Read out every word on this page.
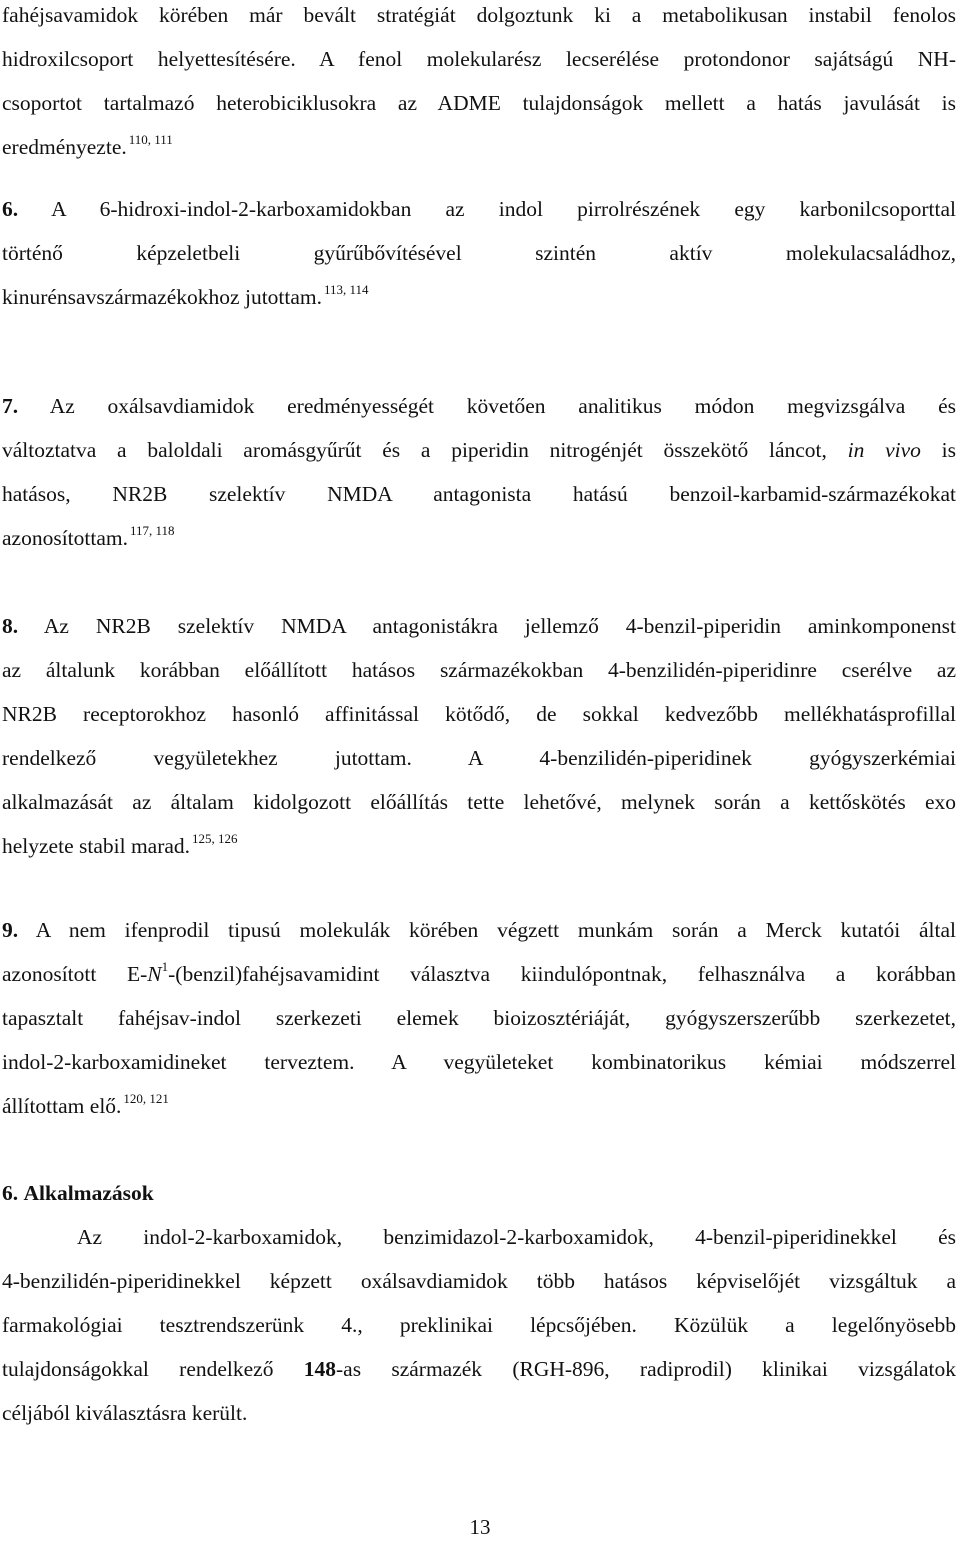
fahéjsavamidok körében már bevált stratégiát dolgoztunk ki a metabolikusan instabil fenolos
hidroxilcsoport helyettesítésére. A fenol molekularész lecserélése protondonor sajátságú NH-
csoportot tartalmazó heterobiciklusokra az ADME tulajdonságok mellett a hatás javulását is
eredményezte. $^{110, 111}$
6. A 6-hidroxi-indol-2-karboxamidokban az indol pirrolrészének egy karbonilcsoporttal
történő képzeletbeli gyűrűbővítésével szintén aktív molekulacsaládhoz,
kinurénsavszármazékokhoz jutottam. $^{113, 114}$
7. Az oxálsavdiamidok eredményességét követően analitikus módon megvizsgálva és
változtatva a baloldali aromásgyűrűt és a piperidin nitrogénjét összekötő láncot, in vivo is
hatásos, NR2B szelektív NMDA antagonista hatású benzoil-karbamid-származékokat
azonosítottam. $^{117, 118}$
8. Az NR2B szelektív NMDA antagonistákra jellemző 4-benzil-piperidin aminkomponenst
az általunk korábban előállított hatásos származékokban 4-benzilidén-piperidinre cserélve az
NR2B receptorokhoz hasonló affinitással kötődő, de sokkal kedvezőbb mellékhatásprofillal
rendelkező vegyületekhez jutottam. A 4-benzilidén-piperidinek gyógyszerkémiai
alkalmazását az általam kidolgozott előállítás tette lehetővé, melynek során a kettőskötés exo
helyzete stabil marad. $^{125, 126}$
9. A nem ifenprodil tipusú molekulák körében végzett munkám során a Merck kutatói által
azonosított $E-N^1-(benzil)fahéjsavamidint$ választva kiindulópontnak, felhasználva a korábban
tapasztalt fahéjsav-indol szerkezeti elemek bioizosztériáját, gyógyszerszerűbb szerkezetet,
indol-2-karboxamidineket terveztem. A vegyületeket kombinatorikus kémiai módszerrel
állítottam elő. $^{120, 121}$
6. Alkalmazások
Az indol-2-karboxamidok, benzimidazol-2-karboxamidok, 4-benzil-piperidinekkel és
4-benzilidén-piperidinekkel képzett oxálsavdiamidok több hatásos képviselőjét vizsgáltuk a
farmakológiai tesztrendszerünk 4., preklinikai lépcsőjében. Közülük a legelőnyösebb
tulajdonságokkal rendelkező 148-as származék (RGH-896, radiprodil) klinikai vizsgálatok
céljából kiválasztásra került.
13
